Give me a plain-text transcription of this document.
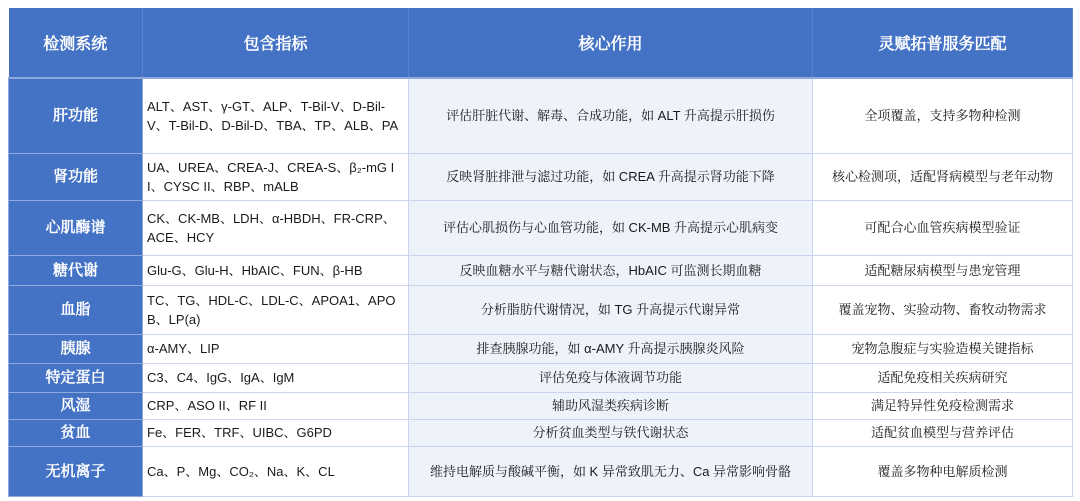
检测系统	包含指标	核心作用	灵赋拓普服务匹配
肝功能	ALT、AST、γ-GT、ALP、T-Bil-V、D-Bil-V、T-Bil-D、D-Bil-D、TBA、TP、ALB、PA	评估肝脏代谢、解毒、合成功能，如 ALT 升高提示肝损伤	全项覆盖，支持多物种检测
肾功能	UA、UREA、CREA-J、CREA-S、β₂-mG II、CYSC II、RBP、mALB	反映肾脏排泄与滤过功能，如 CREA 升高提示肾功能下降	核心检测项，适配肾病模型与老年动物
心肌酶谱	CK、CK-MB、LDH、α-HBDH、FR-CRP、ACE、HCY	评估心肌损伤与心血管功能，如 CK-MB 升高提示心肌病变	可配合心血管疾病模型验证
糖代谢	Glu-G、Glu-H、HbAIC、FUN、β-HB	反映血糖水平与糖代谢状态，HbAIC 可监测长期血糖	适配糖尿病模型与患宠管理
血脂	TC、TG、HDL-C、LDL-C、APOA1、APOB、LP(a)	分析脂肪代谢情况，如 TG 升高提示代谢异常	覆盖宠物、实验动物、畜牧动物需求
胰腺	α-AMY、LIP	排查胰腺功能，如 α-AMY 升高提示胰腺炎风险	宠物急腹症与实验造模关键指标
特定蛋白	C3、C4、IgG、IgA、IgM	评估免疫与体液调节功能	适配免疫相关疾病研究
风湿	CRP、ASO II、RF II	辅助风湿类疾病诊断	满足特异性免疫检测需求
贫血	Fe、FER、TRF、UIBC、G6PD	分析贫血类型与铁代谢状态	适配贫血模型与营养评估
无机离子	Ca、P、Mg、CO₂、Na、K、CL	维持电解质与酸碱平衡，如 K 异常致肌无力、Ca 异常影响骨骼	覆盖多物种电解质检测
